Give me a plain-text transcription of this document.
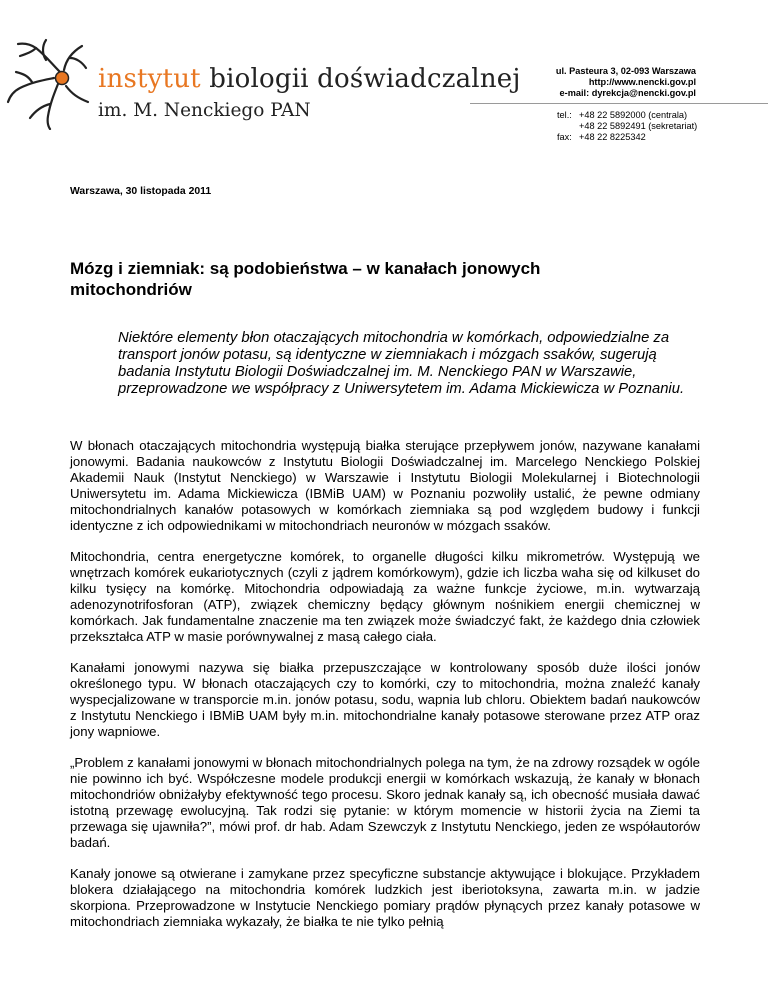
instytut biologii doświadczalnej
im. M. Nenckiego PAN
ul. Pasteura 3, 02-093 Warszawa
http://www.nencki.gov.pl
e-mail: dyrekcja@nencki.gov.pl
tel.: +48 22 5892000 (centrala)
+48 22 5892491 (sekretariat)
fax: +48 22 8225342
Warszawa, 30 listopada 2011
Mózg i ziemniak: są podobieństwa – w kanałach jonowych mitochondriów

Niektóre elementy błon otaczających mitochondria w komórkach, odpowiedzialne za transport jonów potasu, są identyczne w ziemniakach i mózgach ssaków, sugerują badania Instytutu Biologii Doświadczalnej im. M. Nenckiego PAN w Warszawie, przeprowadzone we współpracy z Uniwersytetem im. Adama Mickiewicza w Poznaniu.

W błonach otaczających mitochondria występują białka sterujące przepływem jonów, nazywane kanałami jonowymi. Badania naukowców z Instytutu Biologii Doświadczalnej im. Marcelego Nenckiego Polskiej Akademii Nauk (Instytut Nenckiego) w Warszawie i Instytutu Biologii Molekularnej i Biotechnologii Uniwersytetu im. Adama Mickiewicza (IBMiB UAM) w Poznaniu pozwoliły ustalić, że pewne odmiany mitochondrialnych kanałów potasowych w komórkach ziemniaka są pod względem budowy i funkcji identyczne z ich odpowiednikami w mitochondriach neuronów w mózgach ssaków.

Mitochondria, centra energetyczne komórek, to organelle długości kilku mikrometrów. Występują we wnętrzach komórek eukariotycznych (czyli z jądrem komórkowym), gdzie ich liczba waha się od kilkuset do kilku tysięcy na komórkę. Mitochondria odpowiadają za ważne funkcje życiowe, m.in. wytwarzają adenozynotrifosforan (ATP), związek chemiczny będący głównym nośnikiem energii chemicznej w komórkach. Jak fundamentalne znaczenie ma ten związek może świadczyć fakt, że każdego dnia człowiek przekształca ATP w masie porównywalnej z masą całego ciała.

Kanałami jonowymi nazywa się białka przepuszczające w kontrolowany sposób duże ilości jonów określonego typu. W błonach otaczających czy to komórki, czy to mitochondria, można znaleźć kanały wyspecjalizowane w transporcie m.in. jonów potasu, sodu, wapnia lub chloru. Obiektem badań naukowców z Instytutu Nenckiego i IBMiB UAM były m.in. mitochondrialne kanały potasowe sterowane przez ATP oraz jony wapniowe.

„Problem z kanałami jonowymi w błonach mitochondrialnych polega na tym, że na zdrowy rozsądek w ogóle nie powinno ich być. Współczesne modele produkcji energii w komórkach wskazują, że kanały w błonach mitochondriów obniżałyby efektywność tego procesu. Skoro jednak kanały są, ich obecność musiała dawać istotną przewagę ewolucyjną. Tak rodzi się pytanie: w którym momencie w historii życia na Ziemi ta przewaga się ujawniła?”, mówi prof. dr hab. Adam Szewczyk z Instytutu Nenckiego, jeden ze współautorów badań.

Kanały jonowe są otwierane i zamykane przez specyficzne substancje aktywujące i blokujące. Przykładem blokera działającego na mitochondria komórek ludzkich jest iberiotoksyna, zawarta m.in. w jadzie skorpiona. Przeprowadzone w Instytucie Nenckiego pomiary prądów płynących przez kanały potasowe w mitochondriach ziemniaka wykazały, że białka te nie tylko pełnią
